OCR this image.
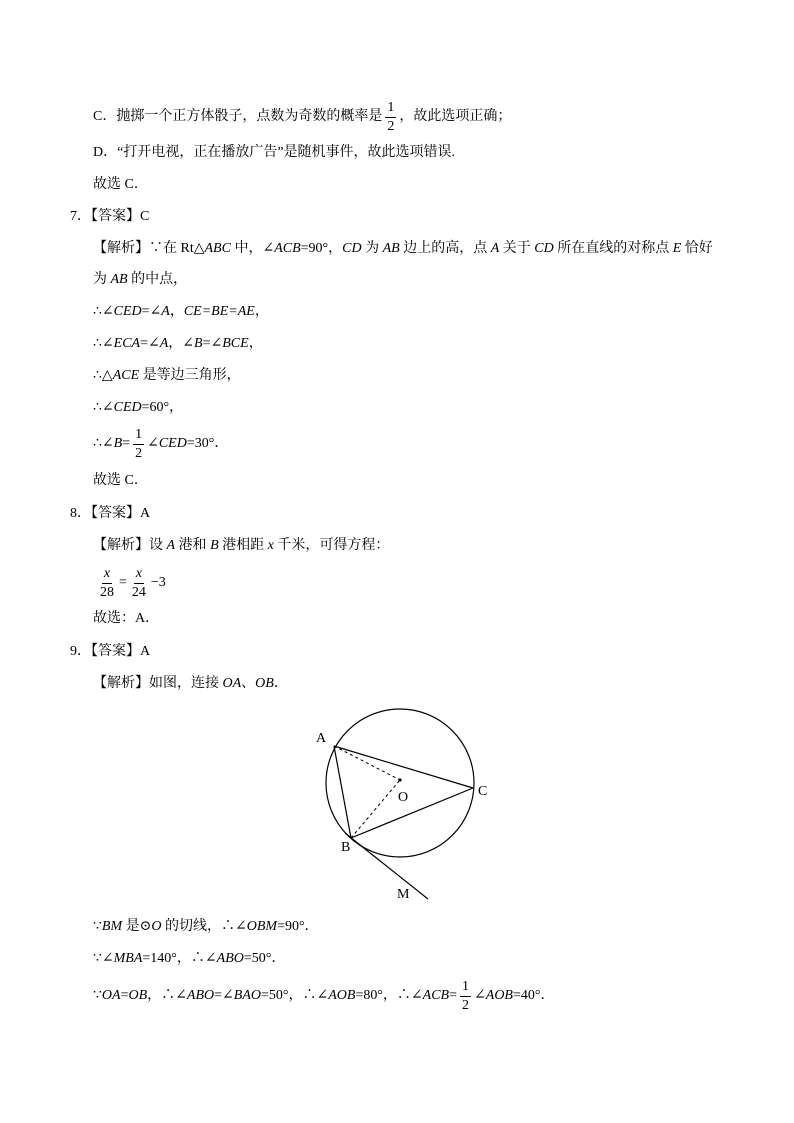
C．抛掷一个正方体骰子，点数为奇数的概率是 $\frac{1}{2}$ ，故此选项正确；
D．“打开电视，正在播放广告”是随机事件，故此选项错误.
故选 C．
7．【答案】C
【解析】∵在 Rt△ ABC 中，∠ ACB =90°， CD 为 AB 边上的高，点 A 关于 CD 所在直线的对称点 E 恰好
为 AB 的中点，
∴∠ CED =∠ A ， CE=BE=AE ，
∴∠ ECA =∠ A ，∠ B =∠ BCE ，
∴△ ACE 是等边三角形，
∴∠ CED =60°，
∴∠ $B = \frac{1}{2}$ ∠ CED =30°．
故选 C．
8．【答案】A
【解析】设 A 港和 B 港相距 x 千米，可得方程：
$\frac{x}{28} = \frac{x}{24} -3$
故选：A．
9．【答案】A
【解析】如图，连接 OA 、 OB ．
A
O	C
B
M
∵ BM 是⊙ O 的切线，∴∠ OBM =90°．
∵∠ MBA =140°，∴∠ ABO =50°．
∵ OA = OB ，∴∠ ABO =∠ BAO =50°，∴∠ AOB =80°，∴∠ ACB = $\frac{1}{2}$ ∠ AOB =40°．
